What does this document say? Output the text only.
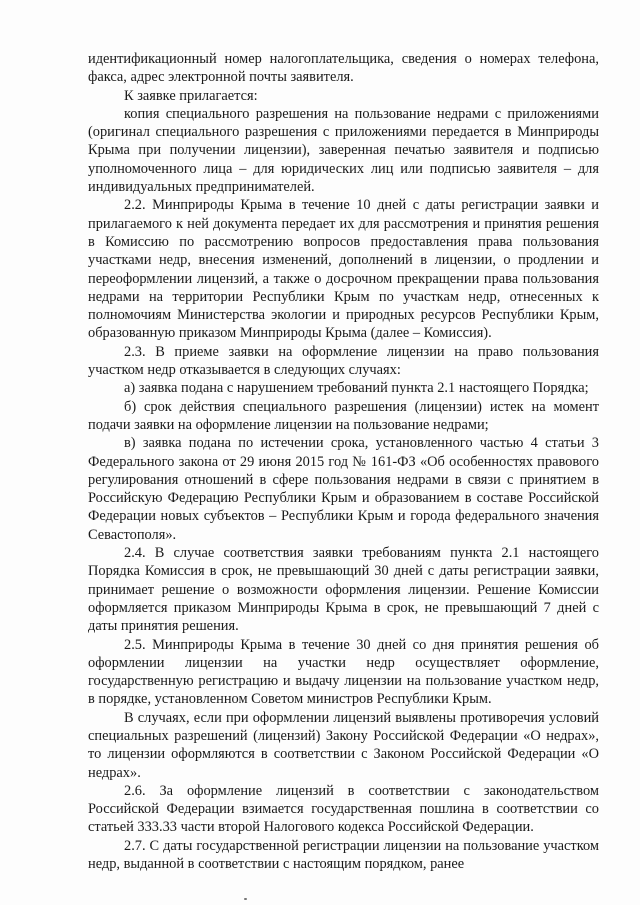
идентификационный номер налогоплательщика, сведения о номерах телефона, факса, адрес электронной почты заявителя.

К заявке прилагается:

копия специального разрешения на пользование недрами с приложениями (оригинал специального разрешения с приложениями передается в Минприроды Крыма при получении лицензии), заверенная печатью заявителя и подписью уполномоченного лица – для юридических лиц или подписью заявителя – для индивидуальных предпринимателей.

2.2. Минприроды Крыма в течение 10 дней с даты регистрации заявки и прилагаемого к ней документа передает их для рассмотрения и принятия решения в Комиссию по рассмотрению вопросов предоставления права пользования участками недр, внесения изменений, дополнений в лицензии, о продлении и переоформлении лицензий, а также о досрочном прекращении права пользования недрами на территории Республики Крым по участкам недр, отнесенных к полномочиям Министерства экологии и природных ресурсов Республики Крым, образованную приказом Минприроды Крыма (далее – Комиссия).

2.3. В приеме заявки на оформление лицензии на право пользования участком недр отказывается в следующих случаях:

а) заявка подана с нарушением требований пункта 2.1 настоящего Порядка;

б) срок действия специального разрешения (лицензии) истек на момент подачи заявки на оформление лицензии на пользование недрами;

в) заявка подана по истечении срока, установленного частью 4 статьи 3 Федерального закона от 29 июня 2015 год № 161-ФЗ «Об особенностях правового регулирования отношений в сфере пользования недрами в связи с принятием в Российскую Федерацию Республики Крым и образованием в составе Российской Федерации новых субъектов – Республики Крым и города федерального значения Севастополя».

2.4. В случае соответствия заявки требованиям пункта 2.1 настоящего Порядка Комиссия в срок, не превышающий 30 дней с даты регистрации заявки, принимает решение о возможности оформления лицензии. Решение Комиссии оформляется приказом Минприроды Крыма в срок, не превышающий 7 дней с даты принятия решения.

2.5. Минприроды Крыма в течение 30 дней со дня принятия решения об оформлении лицензии на участки недр осуществляет оформление, государственную регистрацию и выдачу лицензии на пользование участком недр, в порядке, установленном Советом министров Республики Крым.

В случаях, если при оформлении лицензий выявлены противоречия условий специальных разрешений (лицензий) Закону Российской Федерации «О недрах», то лицензии оформляются в соответствии с Законом Российской Федерации «О недрах».

2.6. За оформление лицензий в соответствии с законодательством Российской Федерации взимается государственная пошлина в соответствии со статьей 333.33 части второй Налогового кодекса Российской Федерации.

2.7. С даты государственной регистрации лицензии на пользование участком недр, выданной в соответствии с настоящим порядком, ранее
